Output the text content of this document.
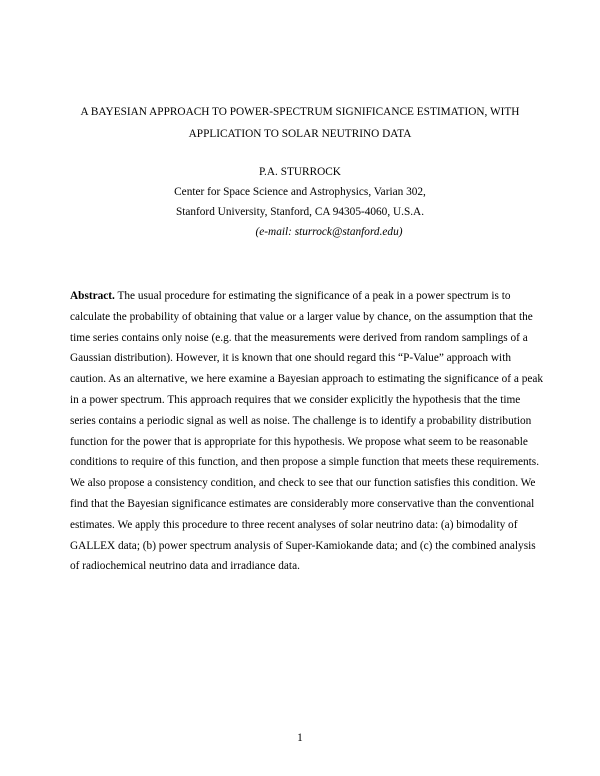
A BAYESIAN APPROACH TO POWER-SPECTRUM SIGNIFICANCE ESTIMATION, WITH
APPLICATION TO SOLAR NEUTRINO DATA
P.A. STURROCK
Center for Space Science and Astrophysics, Varian 302,
Stanford University, Stanford, CA 94305-4060, U.S.A.
(e-mail: sturrock@stanford.edu)
Abstract. The usual procedure for estimating the significance of a peak in a power spectrum is to
calculate the probability of obtaining that value or a larger value by chance, on the assumption that the
time series contains only noise (e.g. that the measurements were derived from random samplings of a
Gaussian distribution). However, it is known that one should regard this “P-Value” approach with
caution. As an alternative, we here examine a Bayesian approach to estimating the significance of a peak
in a power spectrum. This approach requires that we consider explicitly the hypothesis that the time
series contains a periodic signal as well as noise. The challenge is to identify a probability distribution
function for the power that is appropriate for this hypothesis. We propose what seem to be reasonable
conditions to require of this function, and then propose a simple function that meets these requirements.
We also propose a consistency condition, and check to see that our function satisfies this condition. We
find that the Bayesian significance estimates are considerably more conservative than the conventional
estimates. We apply this procedure to three recent analyses of solar neutrino data: (a) bimodality of
GALLEX data; (b) power spectrum analysis of Super-Kamiokande data; and (c) the combined analysis
of radiochemical neutrino data and irradiance data.
1
